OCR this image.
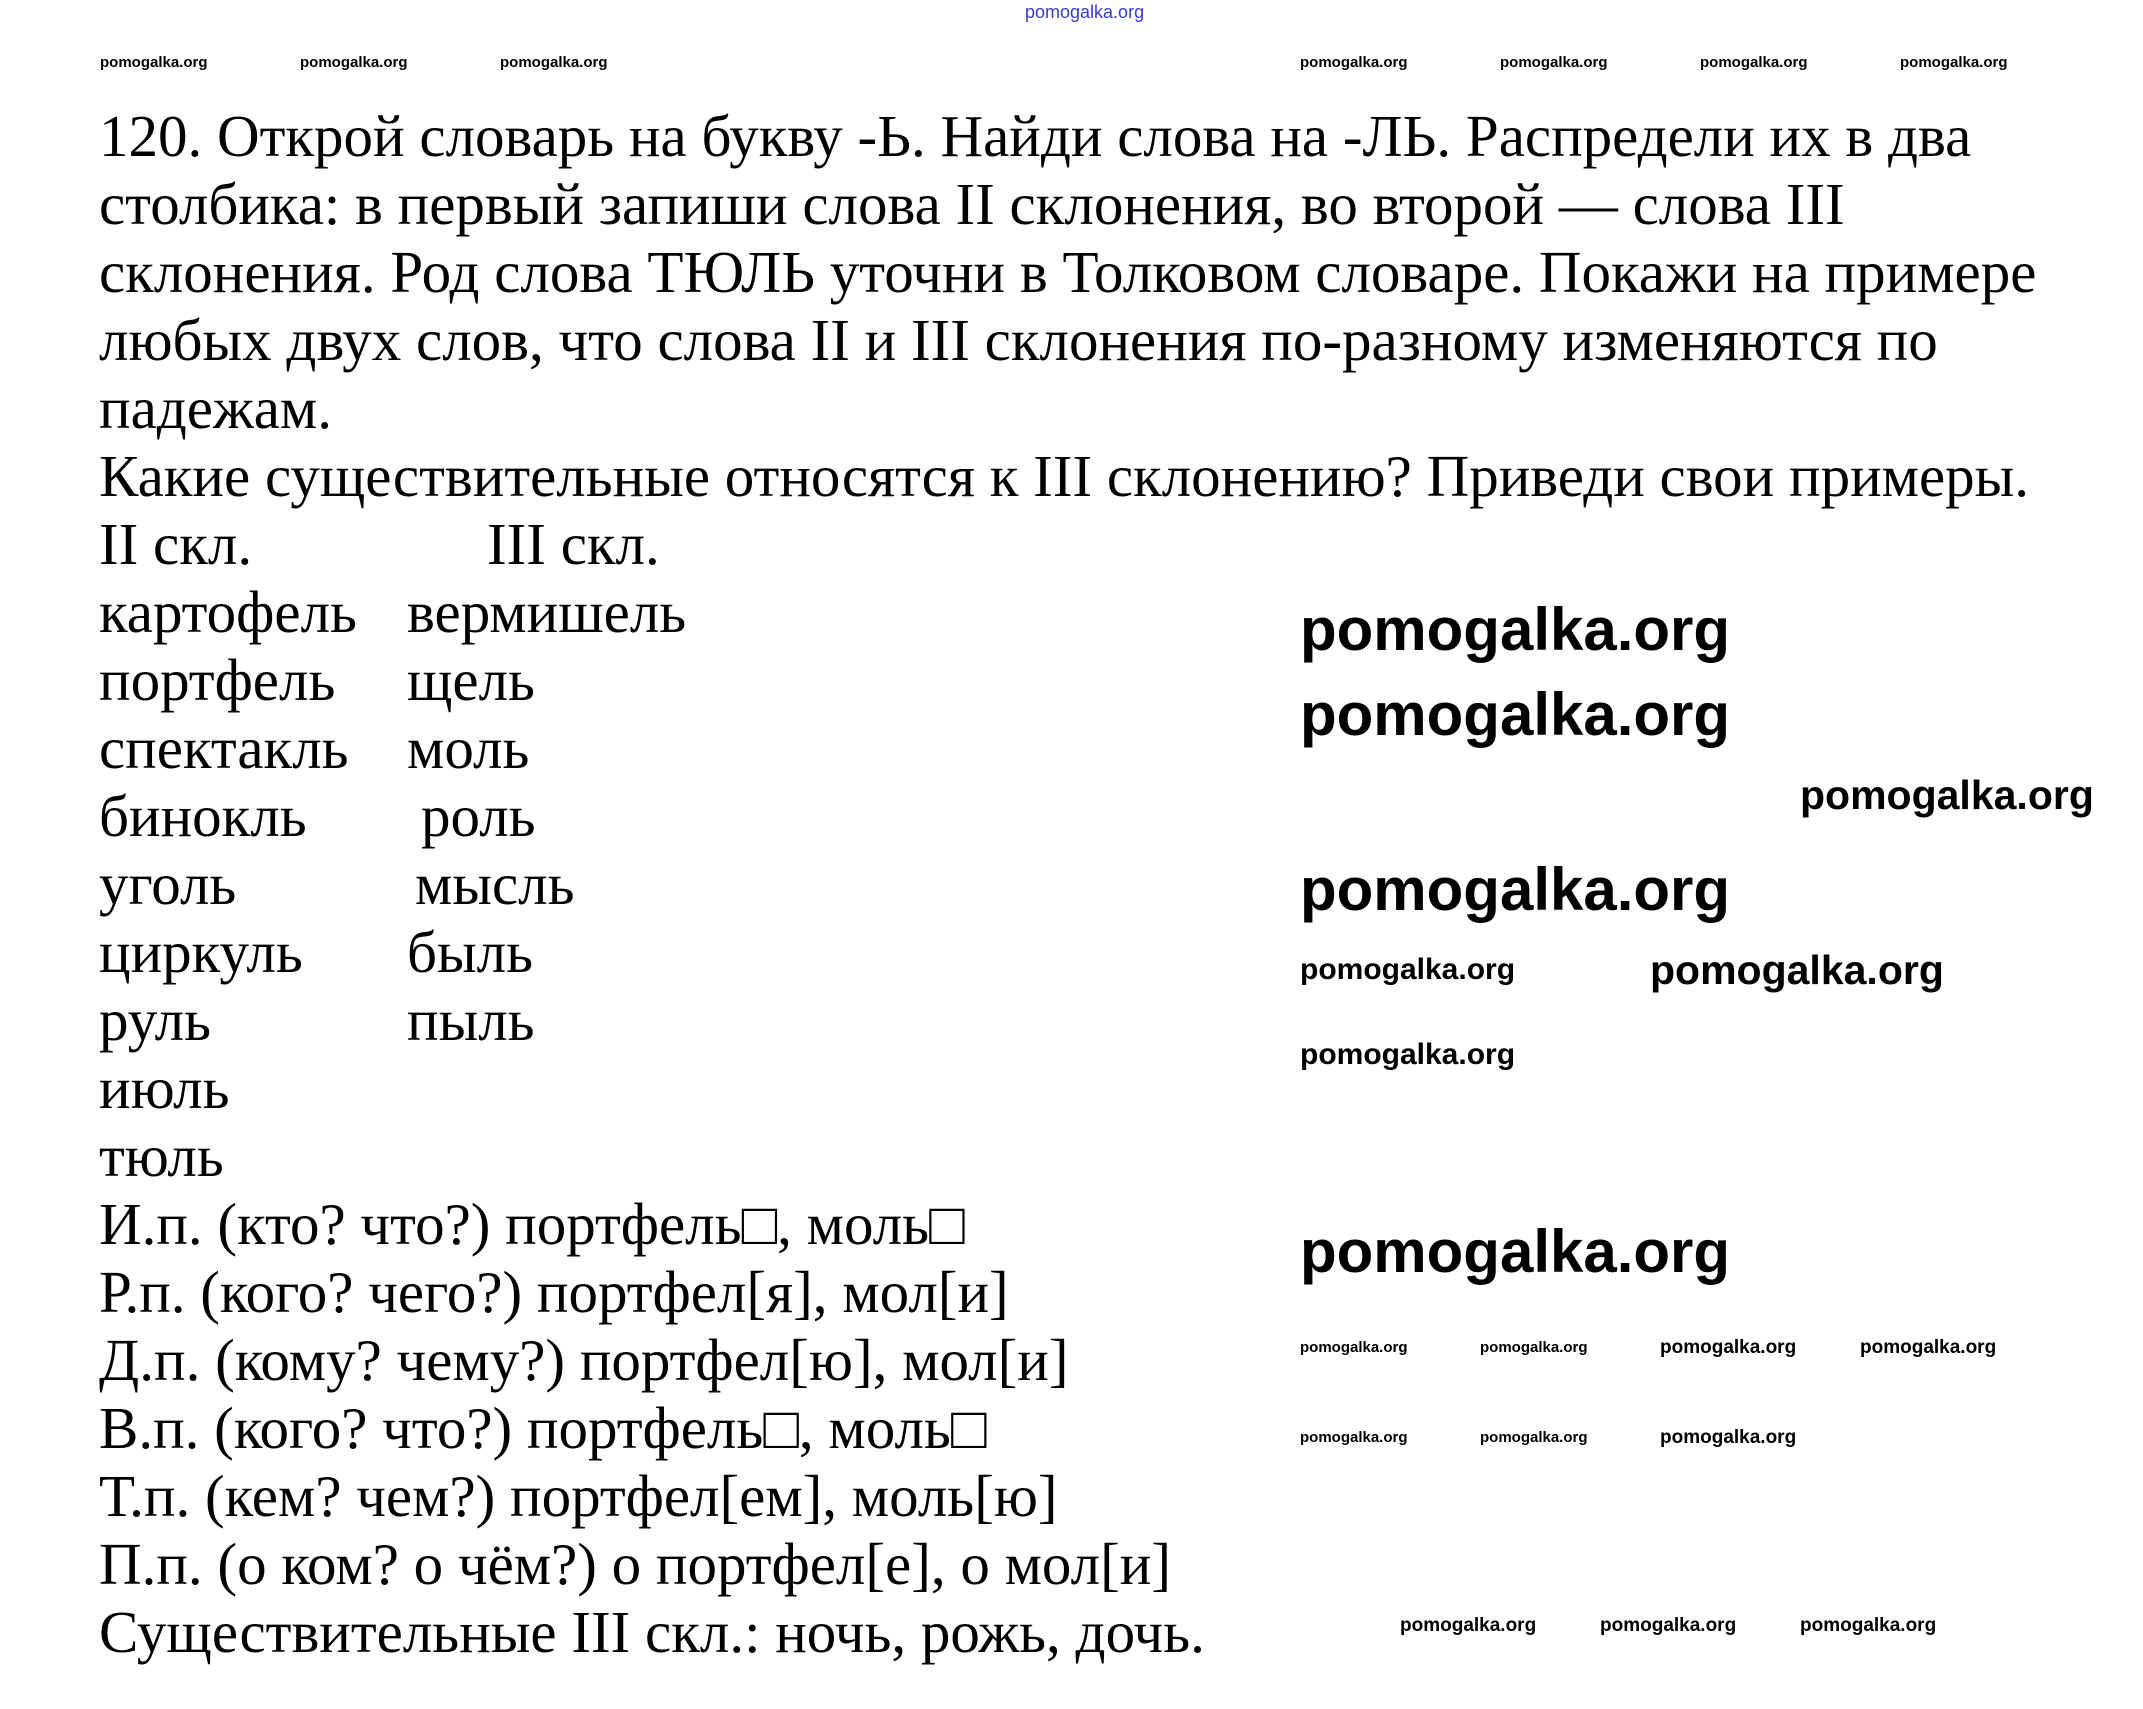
120. Открой словарь на букву -Ь. Найди слова на -ЛЬ. Распредели их в два
столбика: в первый запиши слова II склонения, во второй — слова III
склонения. Род слова ТЮЛЬ уточни в Толковом словаре. Покажи на примере
любых двух слов, что слова II и III склонения по-разному изменяются по
падежам.
Какие существительные относятся к III склонению? Приведи свои примеры.
II скл.	III скл.
картофель вермишель
портфель	щель
спектакль моль
бинокль	роль
уголь	мысль
циркуль	быль
руль	пыль
июль
тюль
И.п. (кто? что?) портфель□, моль□
Р.п. (кого? чего?) портфел[я], мол[и]
Д.п. (кому? чему?) портфел[ю], мол[и]
В.п. (кого? что?) портфель□, моль□
Т.п. (кем? чем?) портфел[ем], моль[ю]
П.п. (о ком? о чём?) о портфел[е], о мол[и]
Существительные III скл.: ночь, рожь, дочь.
pomogalka.org
pomogalka.org	pomogalka.org	pomogalka.org	pomogalka.org	pomogalka.org	pomogalka.org	pomogalka.org
pomogalka.org
pomogalka.org
pomogalka.org
pomogalka.org
pomogalka.org	pomogalka.org
pomogalka.org
pomogalka.org
pomogalka.org	pomogalka.org	pomogalka.org	pomogalka.org
pomogalka.org	pomogalka.org	pomogalka.org
pomogalka.org	pomogalka.org	pomogalka.org
